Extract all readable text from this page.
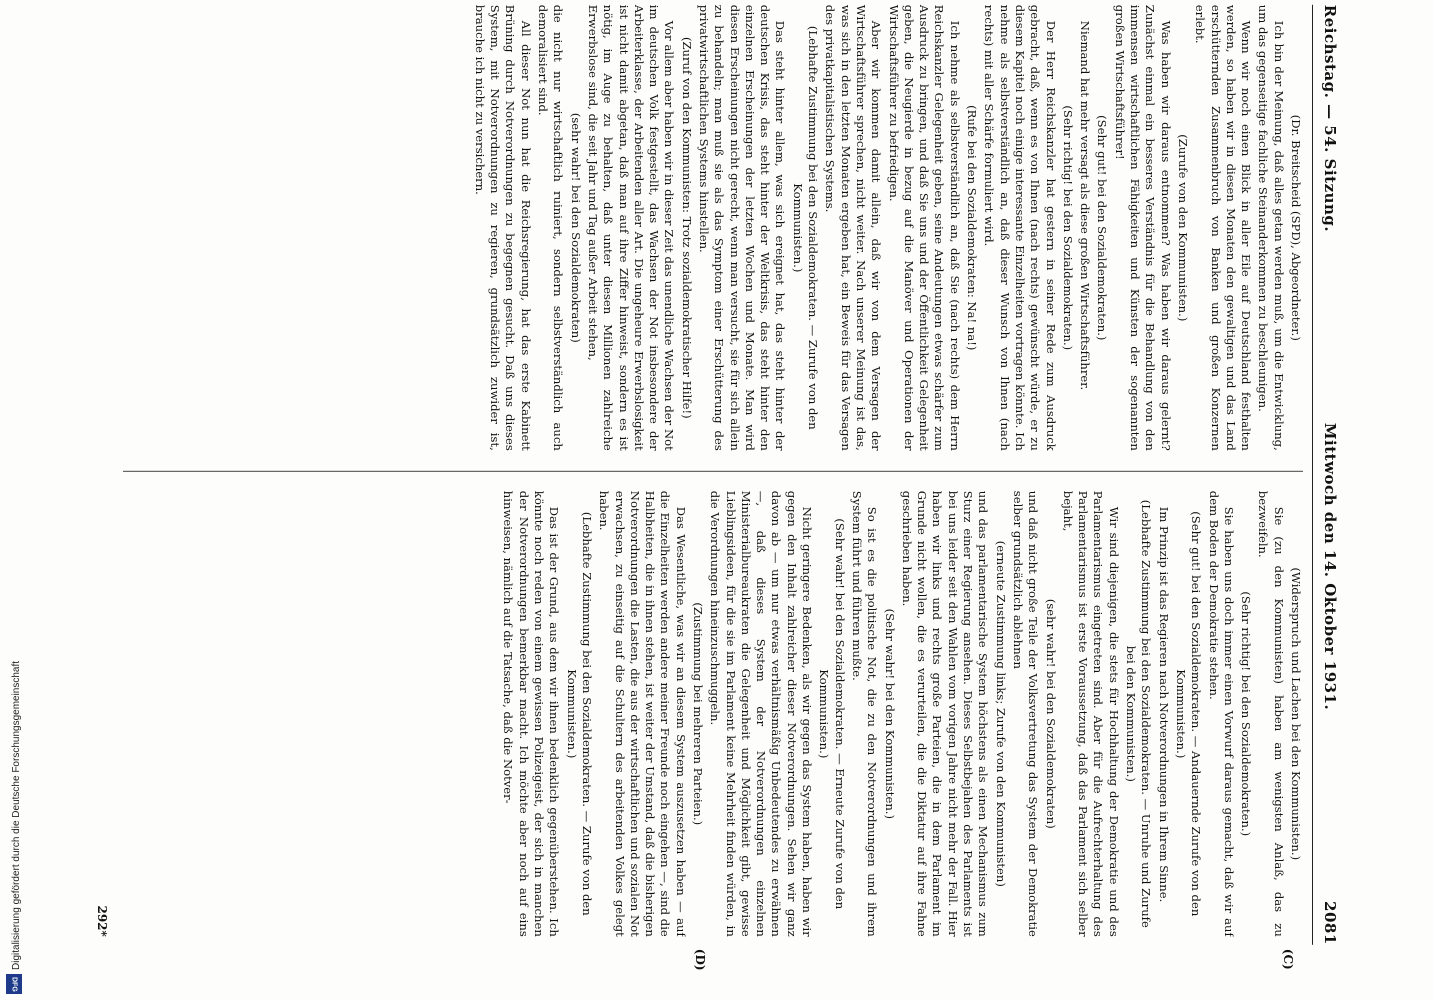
Reichstag. — 54. Sitzung.
Mittwoch den 14. Oktober 1931.
2081
(C)
(D)

(Dr. Breitscheid (SPD), Abgeordneter.)

Ich bin der Meinung, daß alles getan werden muß, um die Entwicklung, um das gegenseitige fachliche Steinanderkommen zu beschleunigen.

Wenn wir noch einen Blick in aller Eile auf Deutschland festhalten werden, so haben wir in diesen Monaten den gewaltigen und das Land erschütternden Zusammenbruch von Banken und großen Konzernen erlebt.

(Zurufe von den Kommunisten.)

Was haben wir daraus entnommen? Was haben wir daraus gelernt? Zunächst einmal ein besseres Verständnis für die Behandlung von den immensen wirtschaftlichen Fähigkeiten und Künsten der sogenannten großen Wirtschaftsführer!

(Sehr gut! bei den Sozialdemokraten.)

Niemand hat mehr versagt als diese großen Wirtschaftsführer.

(Sehr richtig! bei den Sozialdemokraten.)

Der Herr Reichskanzler hat gestern in seiner Rede zum Ausdruck gebracht, daß, wenn es von Ihnen (nach rechts) gewünscht würde, er zu diesem Kapitel noch einige interessante Einzelheiten vortragen könnte. Ich nehme als selbstverständlich an, daß dieser Wunsch von Ihnen (nach rechts) mit aller Schärfe formuliert wird.

(Rufe bei den Sozialdemokraten: Na! na!)

Ich nehme als selbstverständlich an, daß Sie (nach rechts) dem Herrn Reichskanzler Gelegenheit geben, seine Andeutungen etwas schärfer zum Ausdruck zu bringen, und daß Sie uns und der Öffentlichkeit Gelegenheit geben, die Neugierde in bezug auf die Manöver und Operationen der Wirtschaftsführer zu befriedigen.

Aber wir kommen damit allein, daß wir von dem Versagen der Wirtschaftsführer sprechen, nicht weiter. Nach unserer Meinung ist das, was sich in den letzten Monaten ergeben hat, ein Beweis für das Versagen des privatkapitalistischen Systems.

(Lebhafte Zustimmung bei den Sozialdemokraten. — Zurufe von den Kommunisten.)

Das steht hinter allem, was sich ereignet hat, das steht hinter der deutschen Krisis, das steht hinter der Weltkrisis, das steht hinter den einzelnen Erscheinungen der letzten Wochen und Monate. Man wird diesen Erscheinungen nicht gerecht, wenn man versucht, sie für sich allein zu behandeln; man muß sie als das Symptom einer Erschütterung des privatwirtschaftlichen Systems hinstellen.

(Zuruf von den Kommunisten: Trotz sozialdemokratischer Hilfe!)

Vor allem aber haben wir in dieser Zeit das unendliche Wachsen der Not im deutschen Volk festgestellt, das Wachsen der Not insbesondere der Arbeiterklasse, der Arbeitenden aller Art. Die ungeheure Erwerbslosigkeit ist nicht damit abgetan, daß man auf ihre Ziffer hinweist, sondern es ist nötig, im Auge zu behalten, daß unter diesen Millionen zahlreiche Erwerbslose sind, die seit Jahr und Tag außer Arbeit stehen,

(sehr wahr! bei den Sozialdemokraten)

die nicht nur wirtschaftlich ruiniert, sondern selbstverständlich auch demoralisiert sind.

All dieser Not nun hat die Reichsregierung, hat das erste Kabinett Brüning durch Notverordnungen zu begegnen gesucht. Daß uns dieses System, mit Notverordnungen zu regieren, grundsätzlich zuwider ist, brauche ich nicht zu versichern.

(Widerspruch und Lachen bei den Kommunisten.)

Sie (zu den Kommunisten) haben am wenigsten Anlaß, das zu bezweifeln.

(Sehr richtig! bei den Sozialdemokraten.)

Sie haben uns doch immer einen Vorwurf daraus gemacht, daß wir auf dem Boden der Demokratie stehen.

(Sehr gut! bei den Sozialdemokraten. — Andauernde Zurufe von den Kommunisten.)

Im Prinzip ist das Regieren nach Notverordnungen in Ihrem Sinne.

(Lebhafte Zustimmung bei den Sozialdemokraten. — Unruhe und Zurufe bei den Kommunisten.)

Wir sind diejenigen, die stets für Hochhaltung der Demokratie und des Parlamentarismus eingetreten sind. Aber für die Aufrechterhaltung des Parlamentarismus ist erste Voraussetzung, daß das Parlament sich selber bejaht,

(sehr wahr! bei den Sozialdemokraten)

und daß nicht große Teile der Volksvertretung das System der Demokratie selber grundsätzlich ablehnen

(erneute Zustimmung links; Zurufe von den Kommunisten)

und das parlamentarische System höchstens als einen Mechanismus zum Sturz einer Regierung ansehen. Dieses Selbstbejahen des Parlaments ist bei uns leider seit den Wahlen vom vorigen Jahre nicht mehr der Fall. Hier haben wir links und rechts große Parteien, die in dem Parlament im Grunde nicht wollen, die es verurteilen, die die Diktatur auf ihre Fahne geschrieben haben.

(Sehr wahr! bei den Kommunisten.)

So ist es die politische Not, die zu den Notverordnungen und ihrem System führt und führen mußte.

(Sehr wahr! bei den Sozialdemokraten. — Erneute Zurufe von den Kommunisten.)

Nicht geringere Bedenken, als wir gegen das System haben, haben wir gegen den Inhalt zahlreicher dieser Notverordnungen. Sehen wir ganz davon ab — um nur etwas verhältnismäßig Unbedeutendes zu erwähnen —, daß dieses System der Notverordnungen einzelnen Ministerialbureaukraten die Gelegenheit und Möglichkeit gibt, gewisse Lieblingsideen, für die sie im Parlament keine Mehrheit finden würden, in die Verordnungen hineinzuschmuggeln.

(Zustimmung bei mehreren Parteien.)

Das Wesentliche, was wir an diesem System auszusetzen haben — auf die Einzelheiten werden andere meiner Freunde noch eingehen —, sind die Halbheiten, die in ihnen stehen, ist weiter der Umstand, daß die bisherigen Notverordnungen die Lasten, die aus der wirtschaftlichen und sozialen Not erwachsen, zu einseitig auf die Schultern des arbeitenden Volkes gelegt haben.

(Lebhafte Zustimmung bei den Sozialdemokraten. — Zurufe von den Kommunisten.)

Das ist der Grund, aus dem wir ihnen bedenklich gegenüberstehen. Ich könnte noch reden von einem gewissen Polizeigeist, der sich in manchen der Notverordnungen bemerkbar macht. Ich möchte aber noch auf eins hinweisen, nämlich auf die Tatsache, daß die Notver-

292*
Digitalisierung gefördert durch die Deutsche Forschungsgemeinschaft
DFG
